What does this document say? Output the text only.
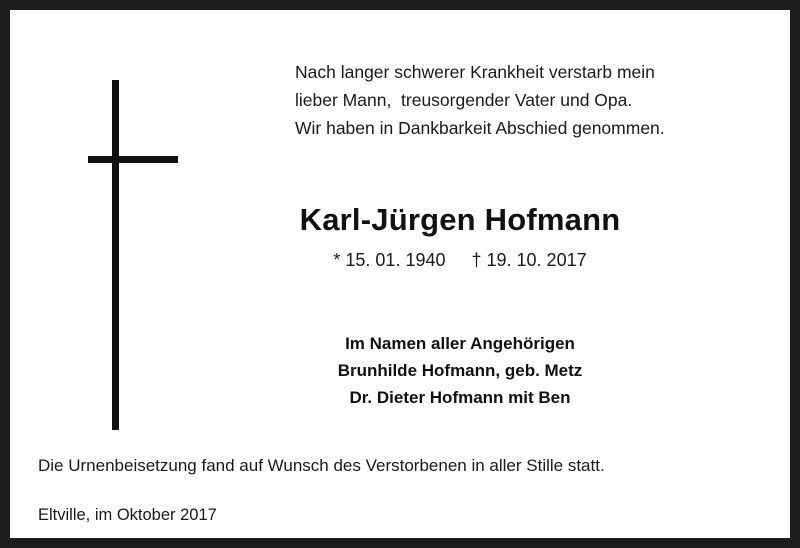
Nach langer schwerer Krankheit verstarb mein
lieber Mann,  treusorgender Vater und Opa.
Wir haben in Dankbarkeit Abschied genommen.
Karl-Jürgen Hofmann
* 15. 01. 1940 † 19. 10. 2017
Im Namen aller Angehörigen
Brunhilde Hofmann, geb. Metz
Dr. Dieter Hofmann mit Ben
Die Urnenbeisetzung fand auf Wunsch des Verstorbenen in aller Stille statt.
Eltville, im Oktober 2017
